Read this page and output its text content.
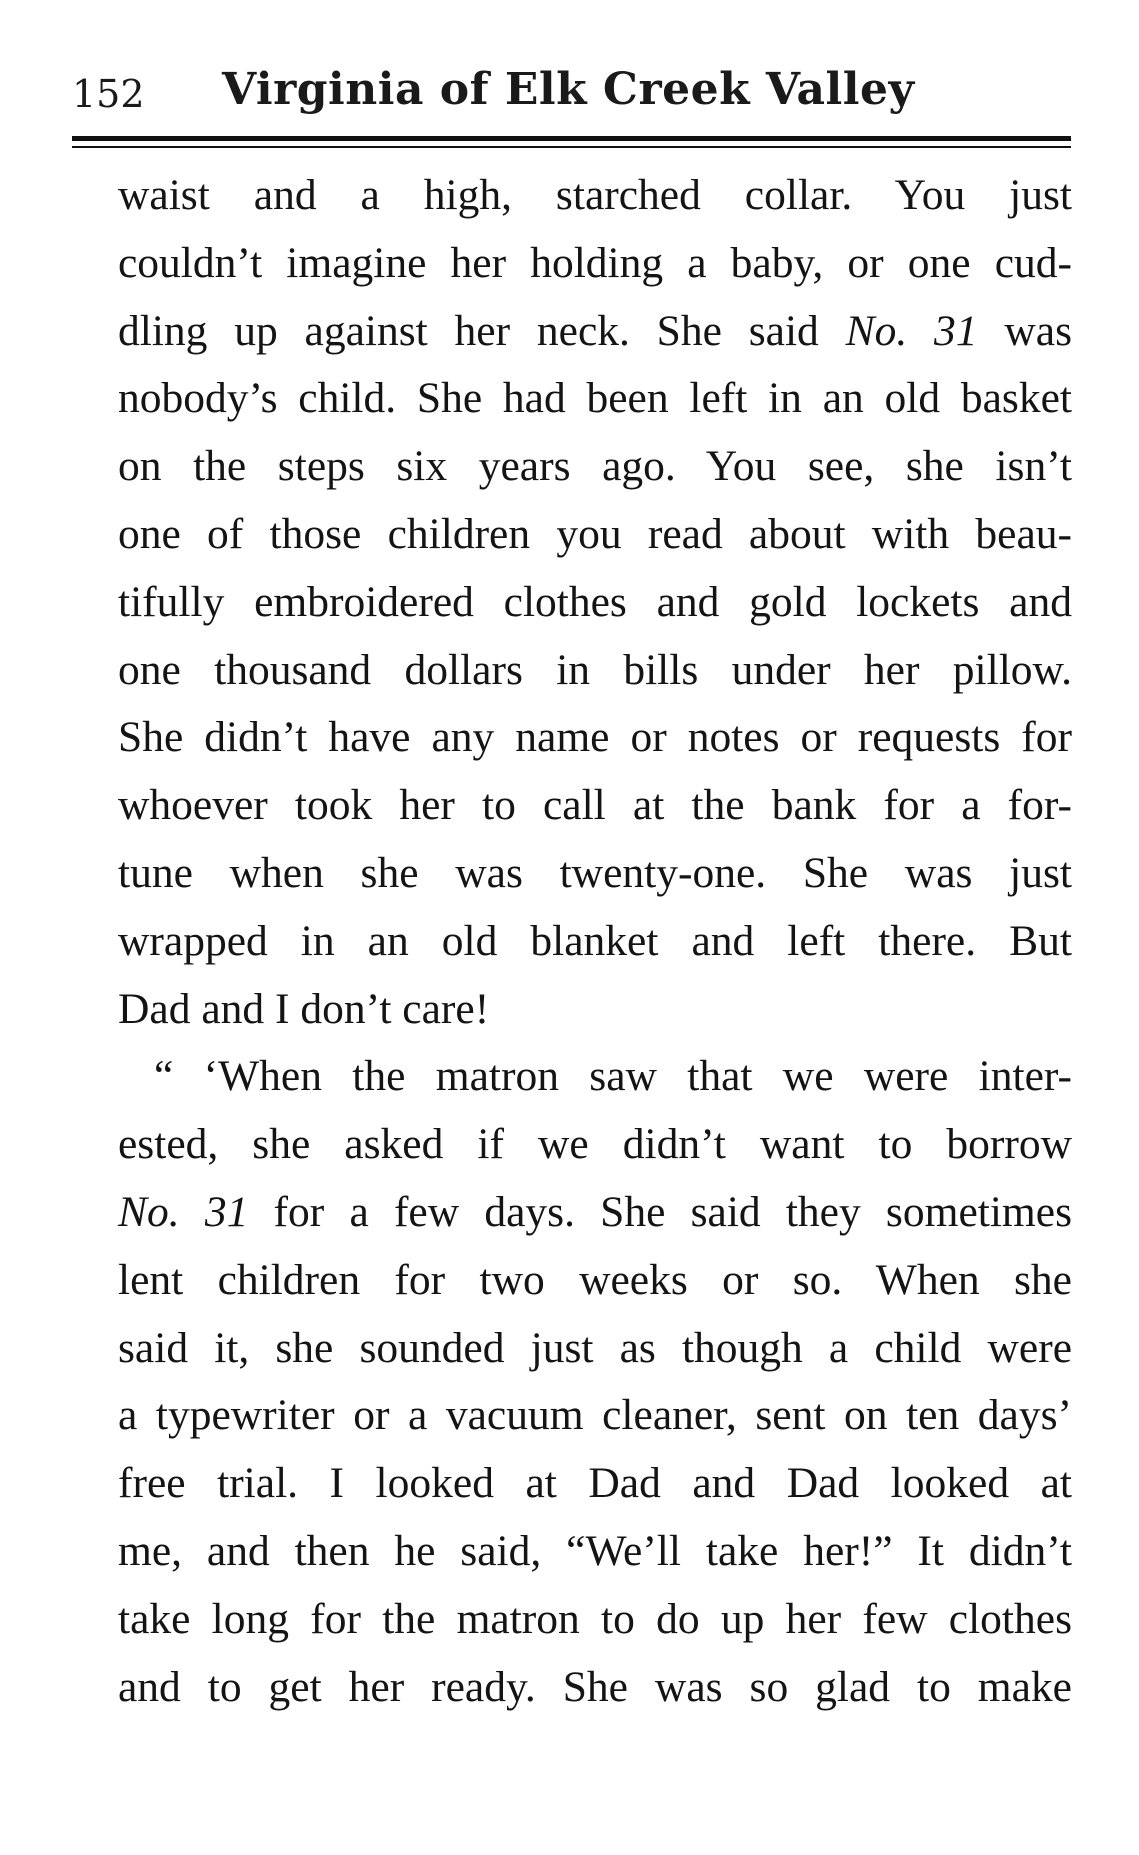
152 Virginia of Elk Creek Valley
waist and a high, starched collar. You just
couldn’t imagine her holding a baby, or one cud-
dling up against her neck. She said No. 31 was
nobody’s child. She had been left in an old basket
on the steps six years ago. You see, she isn’t
one of those children you read about with beau-
tifully embroidered clothes and gold lockets and
one thousand dollars in bills under her pillow.
She didn’t have any name or notes or requests for
whoever took her to call at the bank for a for-
tune when she was twenty-one. She was just
wrapped in an old blanket and left there. But
Dad and I don’t care!
“ ‘When the matron saw that we were inter-
ested, she asked if we didn’t want to borrow
No. 31 for a few days. She said they sometimes
lent children for two weeks or so. When she
said it, she sounded just as though a child were
a typewriter or a vacuum cleaner, sent on ten days’
free trial. I looked at Dad and Dad looked at
me, and then he said, “We’ll take her!” It didn’t
take long for the matron to do up her few clothes
and to get her ready. She was so glad to make
